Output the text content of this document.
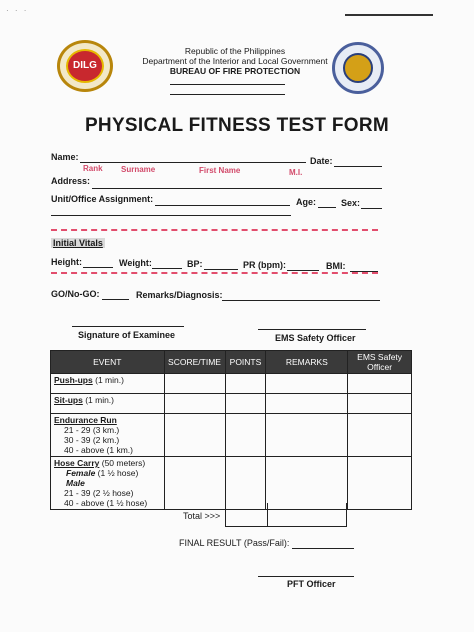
· · ·
DILG
Republic of the Philippines
Department of the Interior and Local Government
BUREAU OF FIRE PROTECTION
PHYSICAL FITNESS TEST FORM
Name:	Date:
Rank Surname	First Name	M.I.
Address:
Unit/Office Assignment:	Age:	Sex:
Initial Vitals
Height:	Weight:	BP:	PR (bpm):	BMI:
GO/No-GO:	Remarks/Diagnosis:
Signature of Examinee	EMS Safety Officer
EVENT	SCORE/TIME	POINTS	REMARKS	EMS Safety Officer
Push-ups (1 min.)				
Sit-ups (1 min.)				

Endurance Run
21 - 29 (3 km.)
30 - 39 (2 km.)
40 - above (1 km.)				

Hose Carry (50 meters)
Female (1 ½ hose)
Male
21 - 39 (2 ½ hose)
40 - above (1 ½ hose)				

Total >>>
FINAL RESULT (Pass/Fail):
PFT Officer
